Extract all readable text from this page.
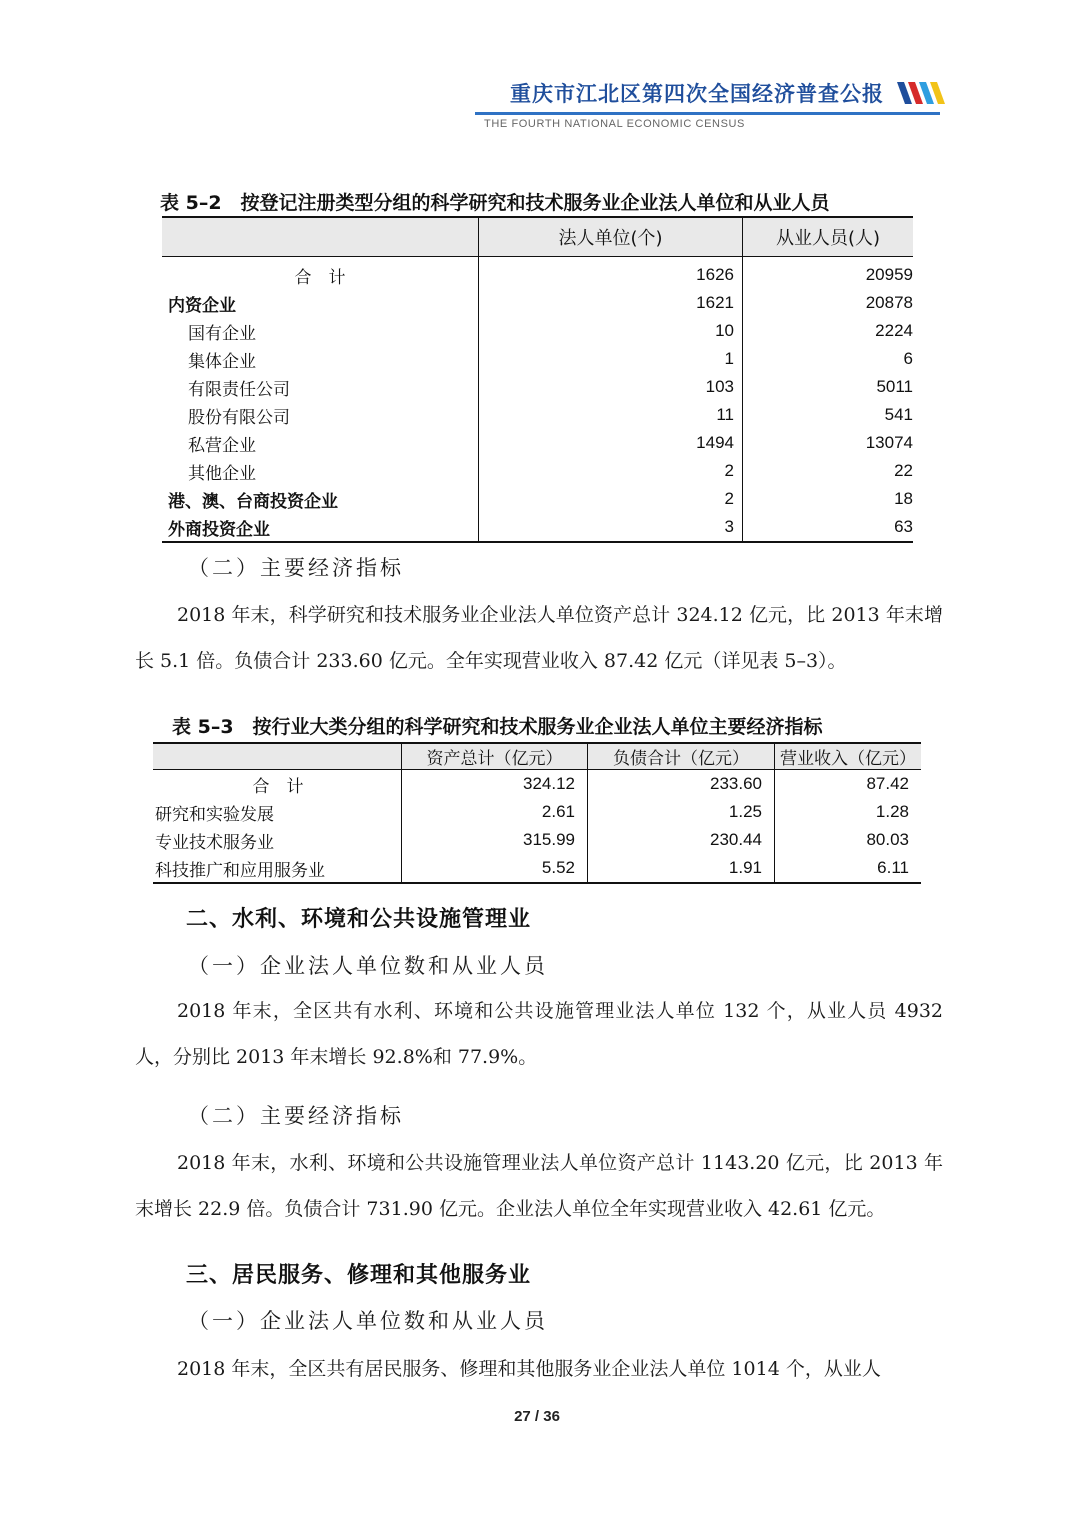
重庆市江北区第四次全国经济普查公报
THE FOURTH NATIONAL ECONOMIC CENSUS
表 5–2　按登记注册类型分组的科学研究和技术服务业企业法人单位和从业人员
	法人单位(个)	从业人员(人)

合　计	1626	20959
内资企业	1621	20878
国有企业	10	2224
集体企业	1	6
有限责任公司	103	5011
股份有限公司	11	541
私营企业	1494	13074
其他企业	2	22
港、澳、台商投资企业	2	18
外商投资企业	3	63
（二）主要经济指标

2018 年末，科学研究和技术服务业企业法人单位资产总计 324.12 亿元，比 2013 年末增长 5.1 倍。负债合计 233.60 亿元。全年实现营业收入 87.42 亿元（详见表 5–3）。

表 5–3　按行业大类分组的科学研究和技术服务业企业法人单位主要经济指标
	资产总计（亿元）	负债合计（亿元）	营业收入（亿元）
合　计	324.12	233.60	87.42
研究和实验发展	2.61	1.25	1.28
专业技术服务业	315.99	230.44	80.03
科技推广和应用服务业	5.52	1.91	6.11
二、水利、环境和公共设施管理业
（一）企业法人单位数和从业人员

2018 年末，全区共有水利、环境和公共设施管理业法人单位 132 个，从业人员 4932 人，分别比 2013 年末增长 92.8%和 77.9%。

（二）主要经济指标

2018 年末，水利、环境和公共设施管理业法人单位资产总计 1143.20 亿元，比 2013 年末增长 22.9 倍。负债合计 731.90 亿元。企业法人单位全年实现营业收入 42.61 亿元。

三、居民服务、修理和其他服务业
（一）企业法人单位数和从业人员

2018 年末，全区共有居民服务、修理和其他服务业企业法人单位 1014 个，从业人

27 / 36
